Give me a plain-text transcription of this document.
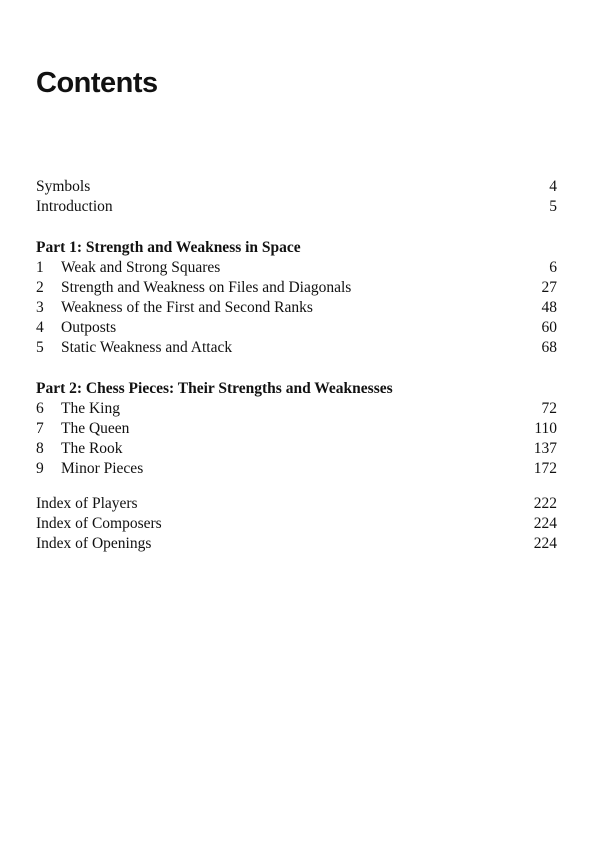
Contents
Symbols	4
Introduction	5
Part 1: Strength and Weakness in Space
1 Weak and Strong Squares	6
2 Strength and Weakness on Files and Diagonals	27
3 Weakness of the First and Second Ranks	48
4 Outposts	60
5 Static Weakness and Attack	68
Part 2: Chess Pieces: Their Strengths and Weaknesses
6 The King	72
7 The Queen	110
8 The Rook	137
9 Minor Pieces	172
Index of Players	222
Index of Composers	224
Index of Openings	224
